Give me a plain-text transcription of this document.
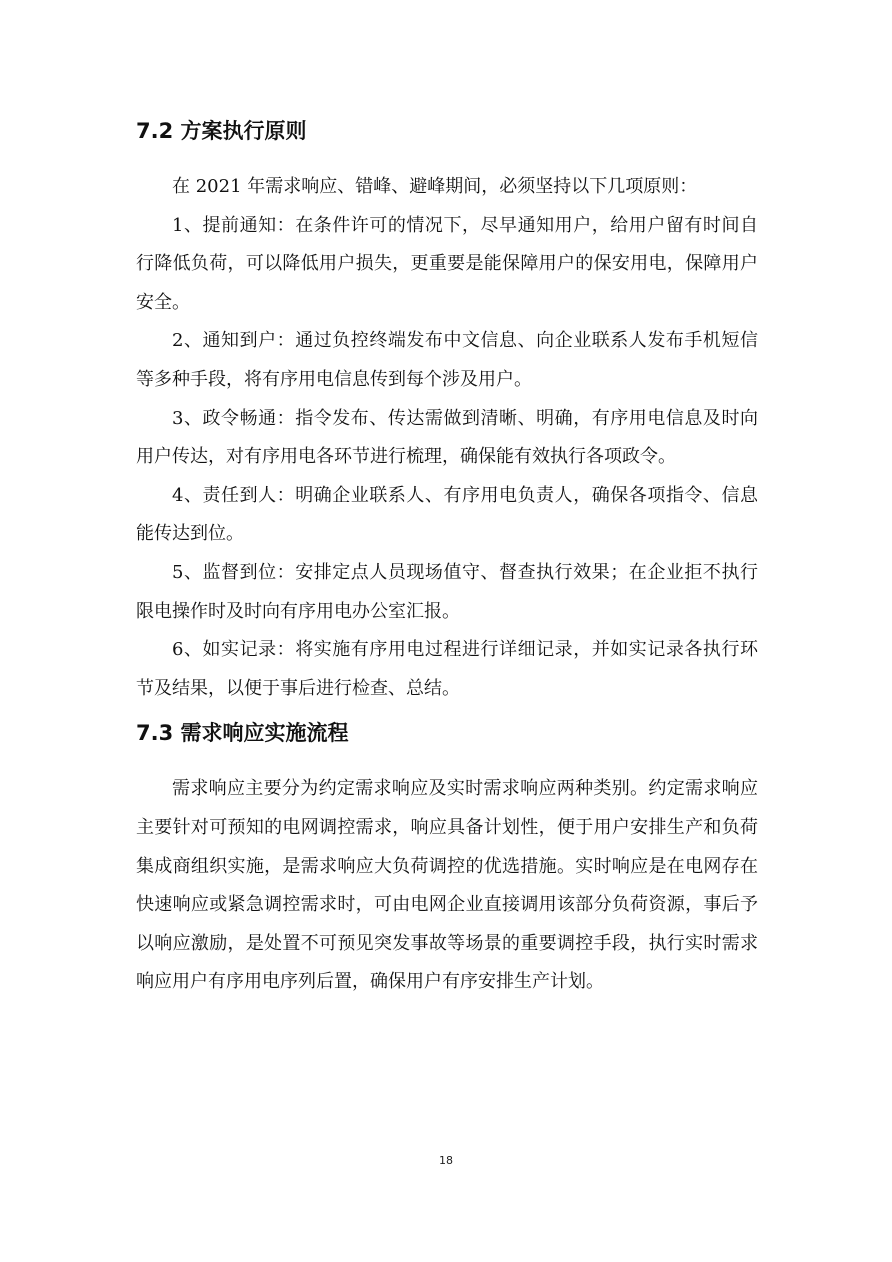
7.2 方案执行原则

在 2021 年需求响应、错峰、避峰期间，必须坚持以下几项原则：

1、提前通知：在条件许可的情况下，尽早通知用户，给用户留有时间自行降低负荷，可以降低用户损失，更重要是能保障用户的保安用电，保障用户安全。

2、通知到户：通过负控终端发布中文信息、向企业联系人发布手机短信等多种手段，将有序用电信息传到每个涉及用户。

3、政令畅通：指令发布、传达需做到清晰、明确，有序用电信息及时向用户传达，对有序用电各环节进行梳理，确保能有效执行各项政令。

4、责任到人：明确企业联系人、有序用电负责人，确保各项指令、信息能传达到位。

5、监督到位：安排定点人员现场值守、督查执行效果；在企业拒不执行限电操作时及时向有序用电办公室汇报。

6、如实记录：将实施有序用电过程进行详细记录，并如实记录各执行环节及结果，以便于事后进行检查、总结。

7.3 需求响应实施流程

需求响应主要分为约定需求响应及实时需求响应两种类别。约定需求响应主要针对可预知的电网调控需求，响应具备计划性，便于用户安排生产和负荷集成商组织实施，是需求响应大负荷调控的优选措施。实时响应是在电网存在快速响应或紧急调控需求时，可由电网企业直接调用该部分负荷资源，事后予以响应激励，是处置不可预见突发事故等场景的重要调控手段，执行实时需求响应用户有序用电序列后置，确保用户有序安排生产计划。

18
